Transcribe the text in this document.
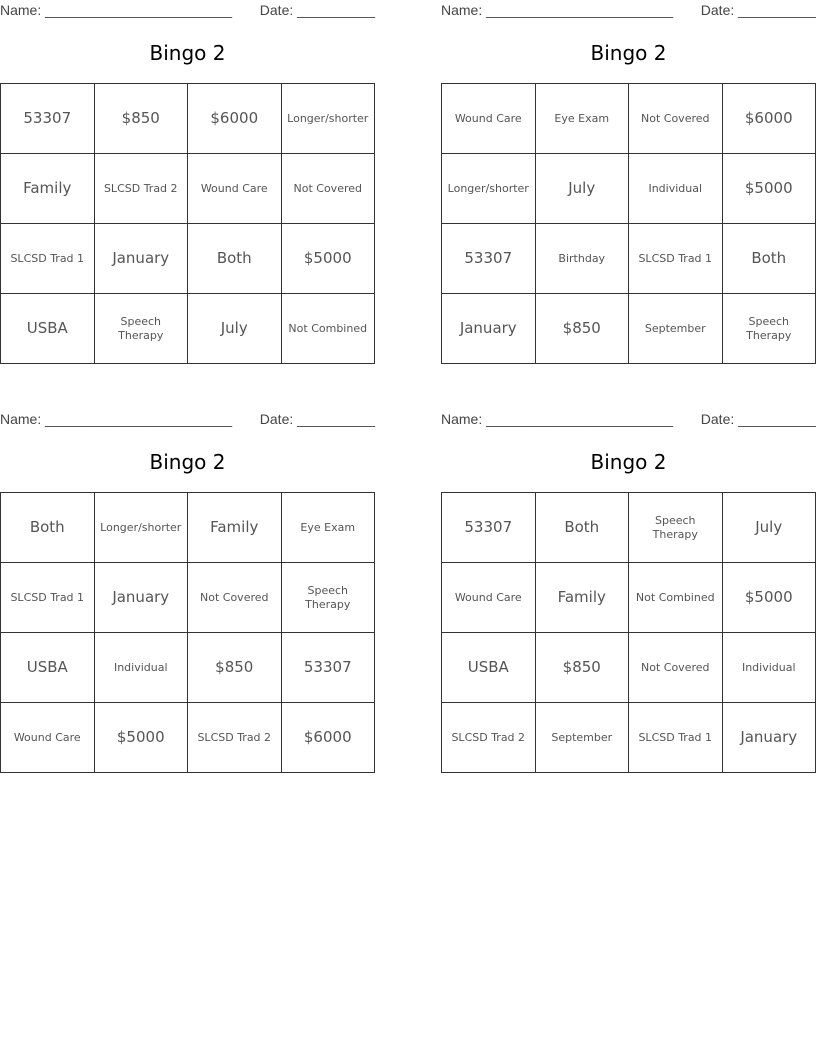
Name: ________________________ Date: __________
Bingo 2
53307	$850	$6000	Longer/shorter
Family	SLCSD Trad 2	Wound Care	Not Covered
SLCSD Trad 1	January	Both	$5000
USBA	Speech Therapy	July	Not Combined
Name: ________________________ Date: __________
Bingo 2
Wound Care	Eye Exam	Not Covered	$6000
Longer/shorter	July	Individual	$5000
53307	Birthday	SLCSD Trad 1	Both
January	$850	September	Speech Therapy
Name: ________________________ Date: __________
Bingo 2
Both	Longer/shorter	Family	Eye Exam
SLCSD Trad 1	January	Not Covered	Speech Therapy
USBA	Individual	$850	53307
Wound Care	$5000	SLCSD Trad 2	$6000
Name: ________________________ Date: __________
Bingo 2
53307	Both	Speech Therapy	July
Wound Care	Family	Not Combined	$5000
USBA	$850	Not Covered	Individual
SLCSD Trad 2	September	SLCSD Trad 1	January
